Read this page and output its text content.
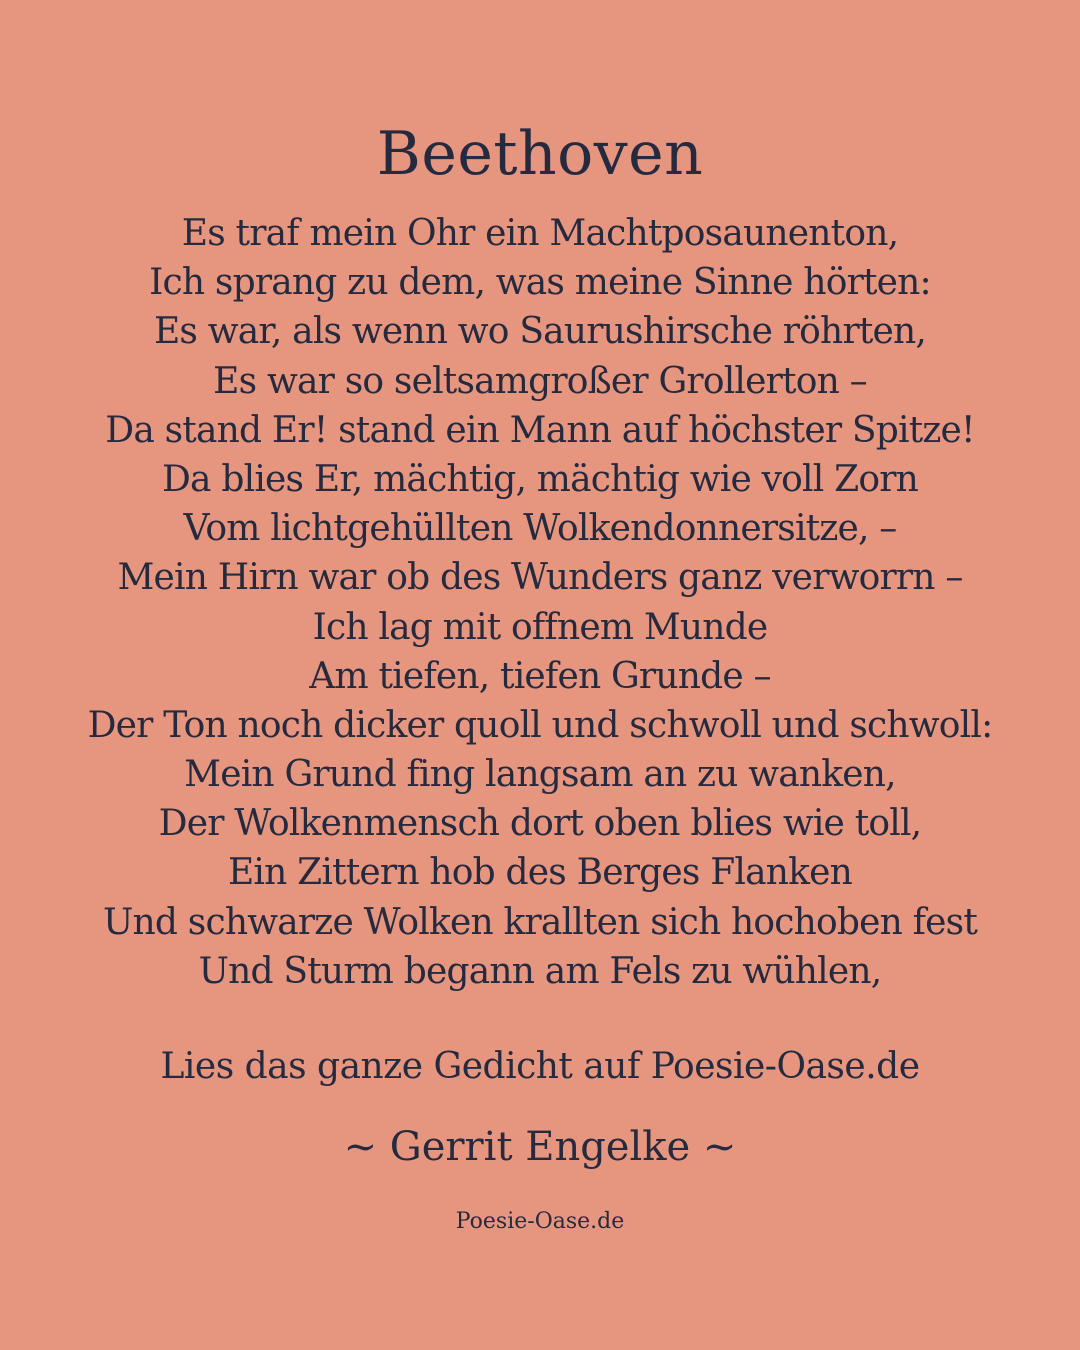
Beethoven
Es traf mein Ohr ein Machtposaunenton,
Ich sprang zu dem, was meine Sinne hörten:
Es war, als wenn wo Saurushirsche röhrten,
Es war so seltsamgroßer Grollerton –
Da stand Er! stand ein Mann auf höchster Spitze!
Da blies Er, mächtig, mächtig wie voll Zorn
Vom lichtgehüllten Wolkendonnersitze, –
Mein Hirn war ob des Wunders ganz verworrn –
Ich lag mit offnem Munde
Am tiefen, tiefen Grunde –
Der Ton noch dicker quoll und schwoll und schwoll:
Mein Grund fing langsam an zu wanken,
Der Wolkenmensch dort oben blies wie toll,
Ein Zittern hob des Berges Flanken
Und schwarze Wolken krallten sich hochoben fest
Und Sturm begann am Fels zu wühlen,
Lies das ganze Gedicht auf Poesie-Oase.de
~ Gerrit Engelke ~
Poesie-Oase.de
